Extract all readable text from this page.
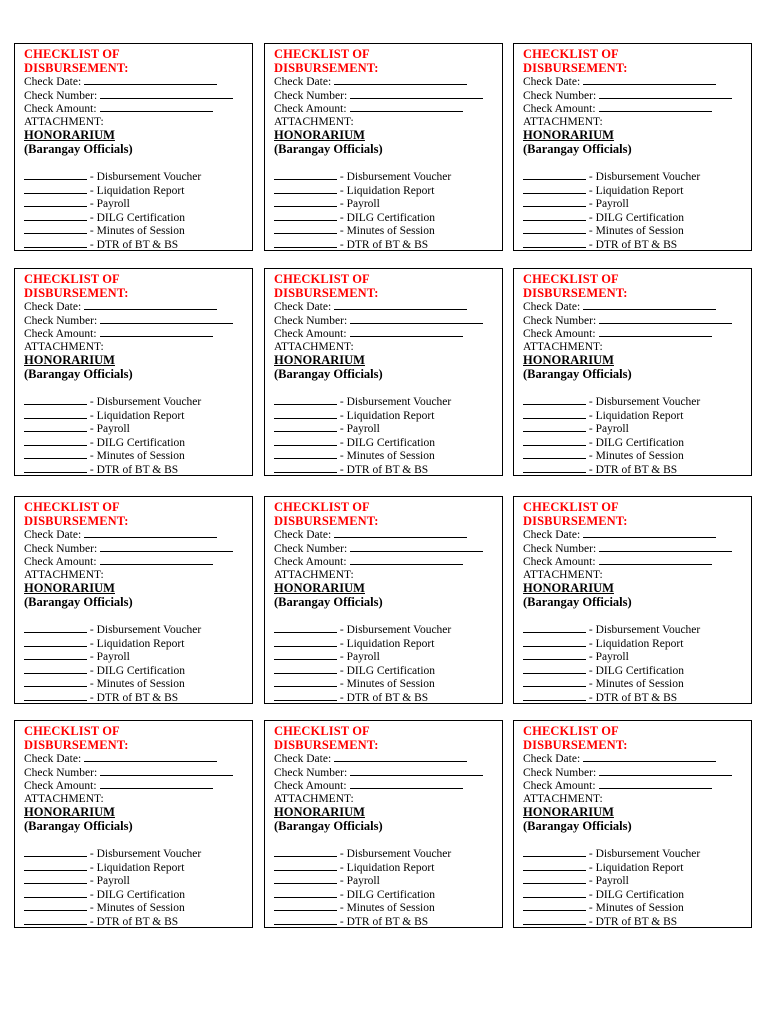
CHECKLIST OF
DISBURSEMENT:
Check Date:
Check Number:
Check Amount:
ATTACHMENT:
HONORARIUM
(Barangay Officials)
- Disbursement Voucher
- Liquidation Report
- Payroll
- DILG Certification
- Minutes of Session
- DTR of BT & BS
CHECKLIST OF
DISBURSEMENT:
Check Date:
Check Number:
Check Amount:
ATTACHMENT:
HONORARIUM
(Barangay Officials)
- Disbursement Voucher
- Liquidation Report
- Payroll
- DILG Certification
- Minutes of Session
- DTR of BT & BS
CHECKLIST OF
DISBURSEMENT:
Check Date:
Check Number:
Check Amount:
ATTACHMENT:
HONORARIUM
(Barangay Officials)
- Disbursement Voucher
- Liquidation Report
- Payroll
- DILG Certification
- Minutes of Session
- DTR of BT & BS
CHECKLIST OF
DISBURSEMENT:
Check Date:
Check Number:
Check Amount:
ATTACHMENT:
HONORARIUM
(Barangay Officials)
- Disbursement Voucher
- Liquidation Report
- Payroll
- DILG Certification
- Minutes of Session
- DTR of BT & BS
CHECKLIST OF
DISBURSEMENT:
Check Date:
Check Number:
Check Amount:
ATTACHMENT:
HONORARIUM
(Barangay Officials)
- Disbursement Voucher
- Liquidation Report
- Payroll
- DILG Certification
- Minutes of Session
- DTR of BT & BS
CHECKLIST OF
DISBURSEMENT:
Check Date:
Check Number:
Check Amount:
ATTACHMENT:
HONORARIUM
(Barangay Officials)
- Disbursement Voucher
- Liquidation Report
- Payroll
- DILG Certification
- Minutes of Session
- DTR of BT & BS
CHECKLIST OF
DISBURSEMENT:
Check Date:
Check Number:
Check Amount:
ATTACHMENT:
HONORARIUM
(Barangay Officials)
- Disbursement Voucher
- Liquidation Report
- Payroll
- DILG Certification
- Minutes of Session
- DTR of BT & BS
CHECKLIST OF
DISBURSEMENT:
Check Date:
Check Number:
Check Amount:
ATTACHMENT:
HONORARIUM
(Barangay Officials)
- Disbursement Voucher
- Liquidation Report
- Payroll
- DILG Certification
- Minutes of Session
- DTR of BT & BS
CHECKLIST OF
DISBURSEMENT:
Check Date:
Check Number:
Check Amount:
ATTACHMENT:
HONORARIUM
(Barangay Officials)
- Disbursement Voucher
- Liquidation Report
- Payroll
- DILG Certification
- Minutes of Session
- DTR of BT & BS
CHECKLIST OF
DISBURSEMENT:
Check Date:
Check Number:
Check Amount:
ATTACHMENT:
HONORARIUM
(Barangay Officials)
- Disbursement Voucher
- Liquidation Report
- Payroll
- DILG Certification
- Minutes of Session
- DTR of BT & BS
CHECKLIST OF
DISBURSEMENT:
Check Date:
Check Number:
Check Amount:
ATTACHMENT:
HONORARIUM
(Barangay Officials)
- Disbursement Voucher
- Liquidation Report
- Payroll
- DILG Certification
- Minutes of Session
- DTR of BT & BS
CHECKLIST OF
DISBURSEMENT:
Check Date:
Check Number:
Check Amount:
ATTACHMENT:
HONORARIUM
(Barangay Officials)
- Disbursement Voucher
- Liquidation Report
- Payroll
- DILG Certification
- Minutes of Session
- DTR of BT & BS
